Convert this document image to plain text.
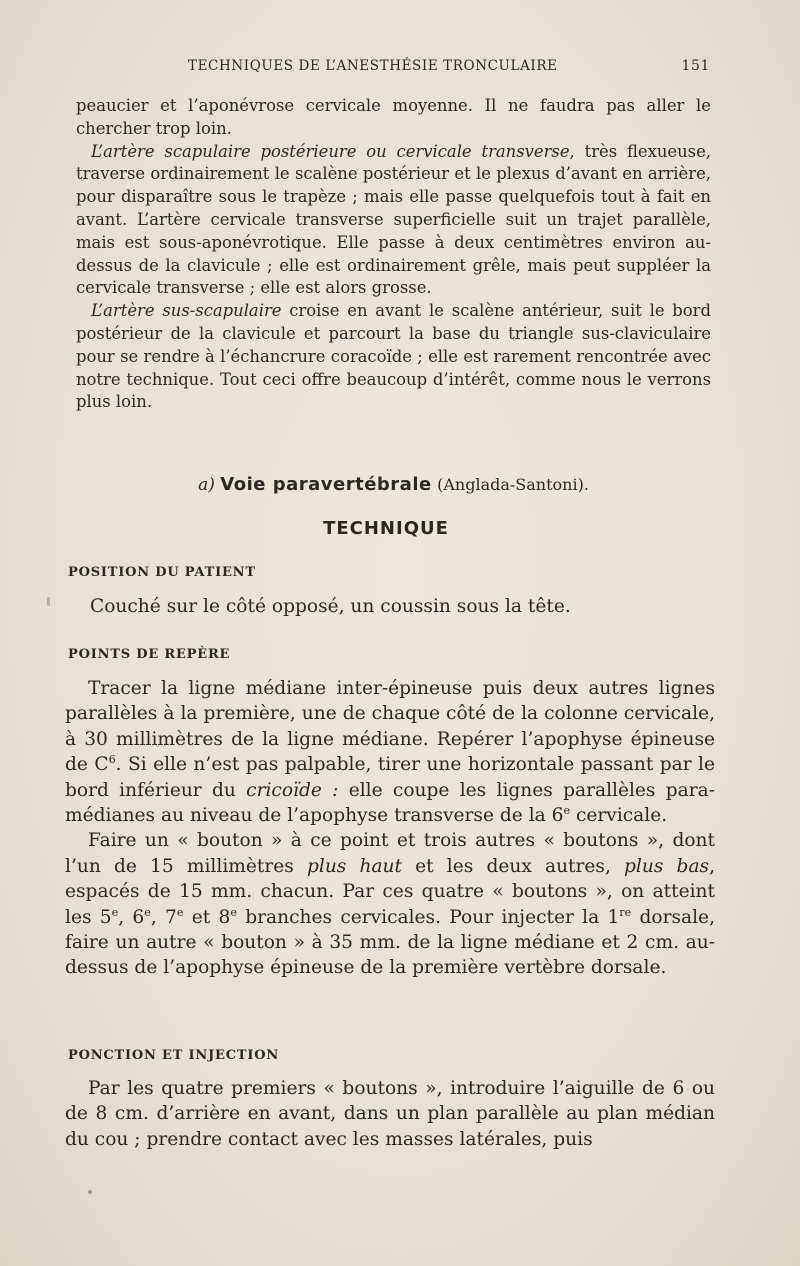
TECHNIQUES DE L’ANESTHÉSIE TRONCULAIRE	151

peaucier et l’aponévrose cervicale moyenne. Il ne faudra pas aller le chercher trop loin.

L’artère scapulaire postérieure ou cervicale transverse, très flexueuse, traverse ordinairement le scalène postérieur et le plexus d’avant en arrière, pour disparaître sous le trapèze ; mais elle passe quelquefois tout à fait en avant. L’artère cervicale transverse superficielle suit un trajet parallèle, mais est sous-aponévrotique. Elle passe à deux centimètres environ au-dessus de la clavicule ; elle est ordinairement grêle, mais peut suppléer la cervicale transverse ; elle est alors grosse.

L’artère sus-scapulaire croise en avant le scalène antérieur, suit le bord postérieur de la clavicule et parcourt la base du triangle sus-claviculaire pour se rendre à l’échancrure coracoïde ; elle est rarement rencontrée avec notre technique. Tout ceci offre beaucoup d’intérêt, comme nous le verrons plus loin.

a) Voie paravertébrale (Anglada-Santoni).
TECHNIQUE
POSITION DU PATIENT

Couché sur le côté opposé, un coussin sous la tête.

POINTS DE REPÈRE

Tracer la ligne médiane inter-épineuse puis deux autres lignes parallèles à la première, une de chaque côté de la colonne cervicale, à 30 millimètres de la ligne médiane. Repérer l’apophyse épineuse de $C^6$. Si elle n’est pas palpable, tirer une horizontale passant par le bord inférieur du cricoïde : elle coupe les lignes parallèles para-médianes au niveau de l’apophyse transverse de la 6e cervicale.

Faire un « bouton » à ce point et trois autres « boutons », dont l’un de 15 millimètres plus haut et les deux autres, plus bas, espacés de 15 mm. chacun. Par ces quatre « boutons », on atteint les 5e, 6e, 7e et 8e branches cervicales. Pour injecter la 1re dorsale, faire un autre « bouton » à 35 mm. de la ligne médiane et 2 cm. au-dessus de l’apophyse épineuse de la première vertèbre dorsale.

PONCTION ET INJECTION

Par les quatre premiers « boutons », introduire l’aiguille de 6 ou de 8 cm. d’arrière en avant, dans un plan parallèle au plan médian du cou ; prendre contact avec les masses latérales, puis
